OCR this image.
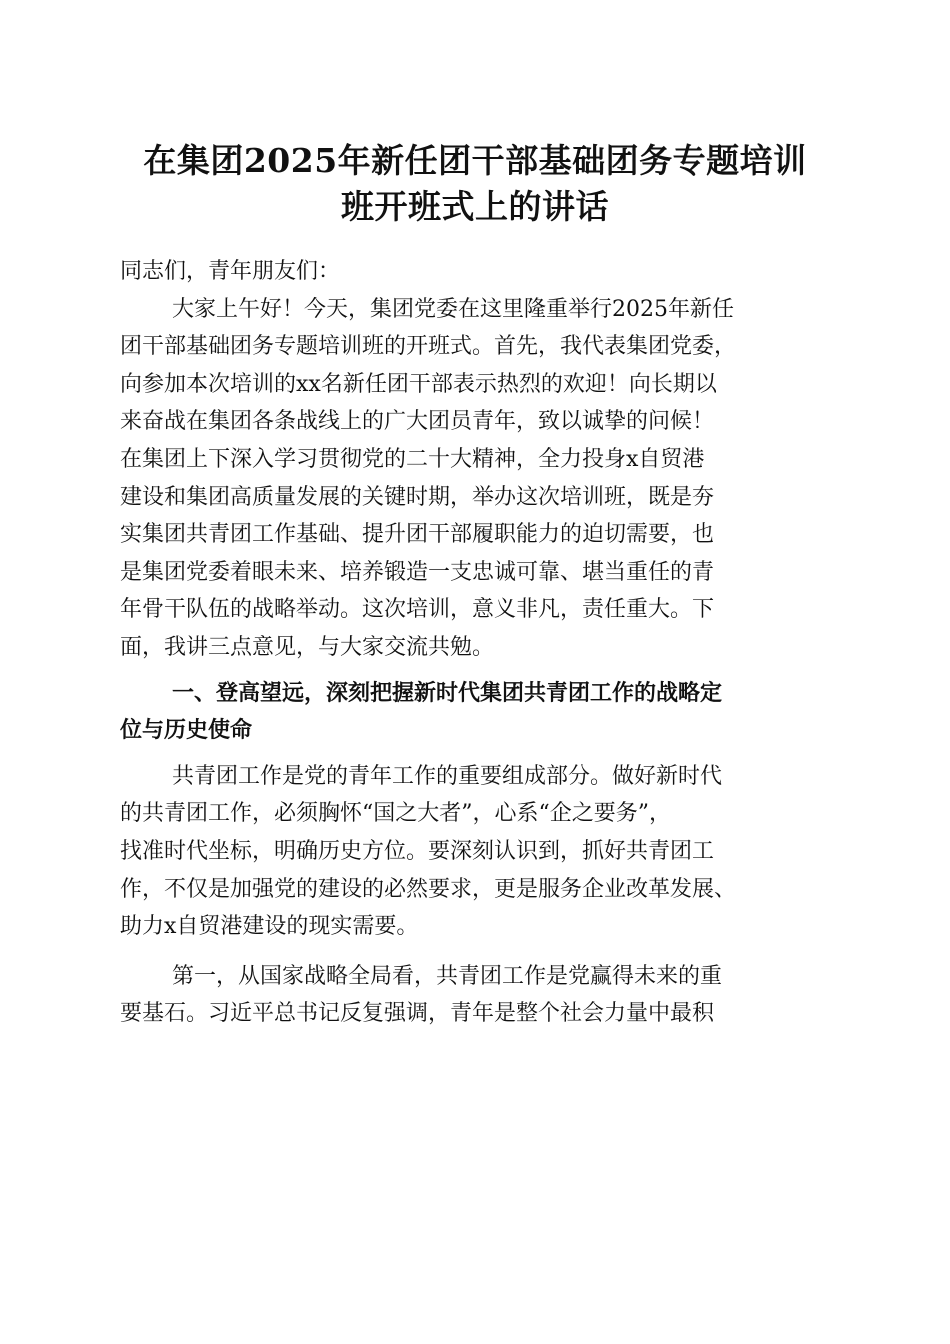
在集团2025年新任团干部基础团务专题培训
班开班式上的讲话
同志们，青年朋友们：
大家上午好！今天，集团党委在这里隆重举行2025年新任
团干部基础团务专题培训班的开班式。首先，我代表集团党委，
向参加本次培训的xx名新任团干部表示热烈的欢迎！向长期以
来奋战在集团各条战线上的广大团员青年，致以诚挚的问候！
在集团上下深入学习贯彻党的二十大精神，全力投身x自贸港
建设和集团高质量发展的关键时期，举办这次培训班，既是夯
实集团共青团工作基础、提升团干部履职能力的迫切需要，也
是集团党委着眼未来、培养锻造一支忠诚可靠、堪当重任的青
年骨干队伍的战略举动。这次培训，意义非凡，责任重大。下
面，我讲三点意见，与大家交流共勉。
一、登高望远，深刻把握新时代集团共青团工作的战略定
位与历史使命
共青团工作是党的青年工作的重要组成部分。做好新时代
的共青团工作，必须胸怀“国之大者”，心系“企之要务”，
找准时代坐标，明确历史方位。要深刻认识到，抓好共青团工
作，不仅是加强党的建设的必然要求，更是服务企业改革发展、
助力x自贸港建设的现实需要。
第一，从国家战略全局看，共青团工作是党赢得未来的重
要基石。习近平总书记反复强调，青年是整个社会力量中最积
